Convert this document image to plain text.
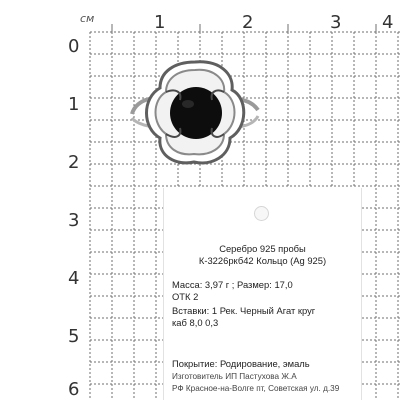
см	1	2	3 4
0
1
2
3
4
5
6
Серебро 925 пробы
К-3226ркб42 Кольцо (Ag 925)
Масса: 3,97 г ; Размер: 17,0
ОТК 2
Вставки: 1 Рек. Черный Агат круг
каб 8,0 0,3
Покрытие: Родирование, эмаль
Изготовитель ИП Пастухова Ж.А
РФ Красное-на-Волге пт, Советская ул. д.39
